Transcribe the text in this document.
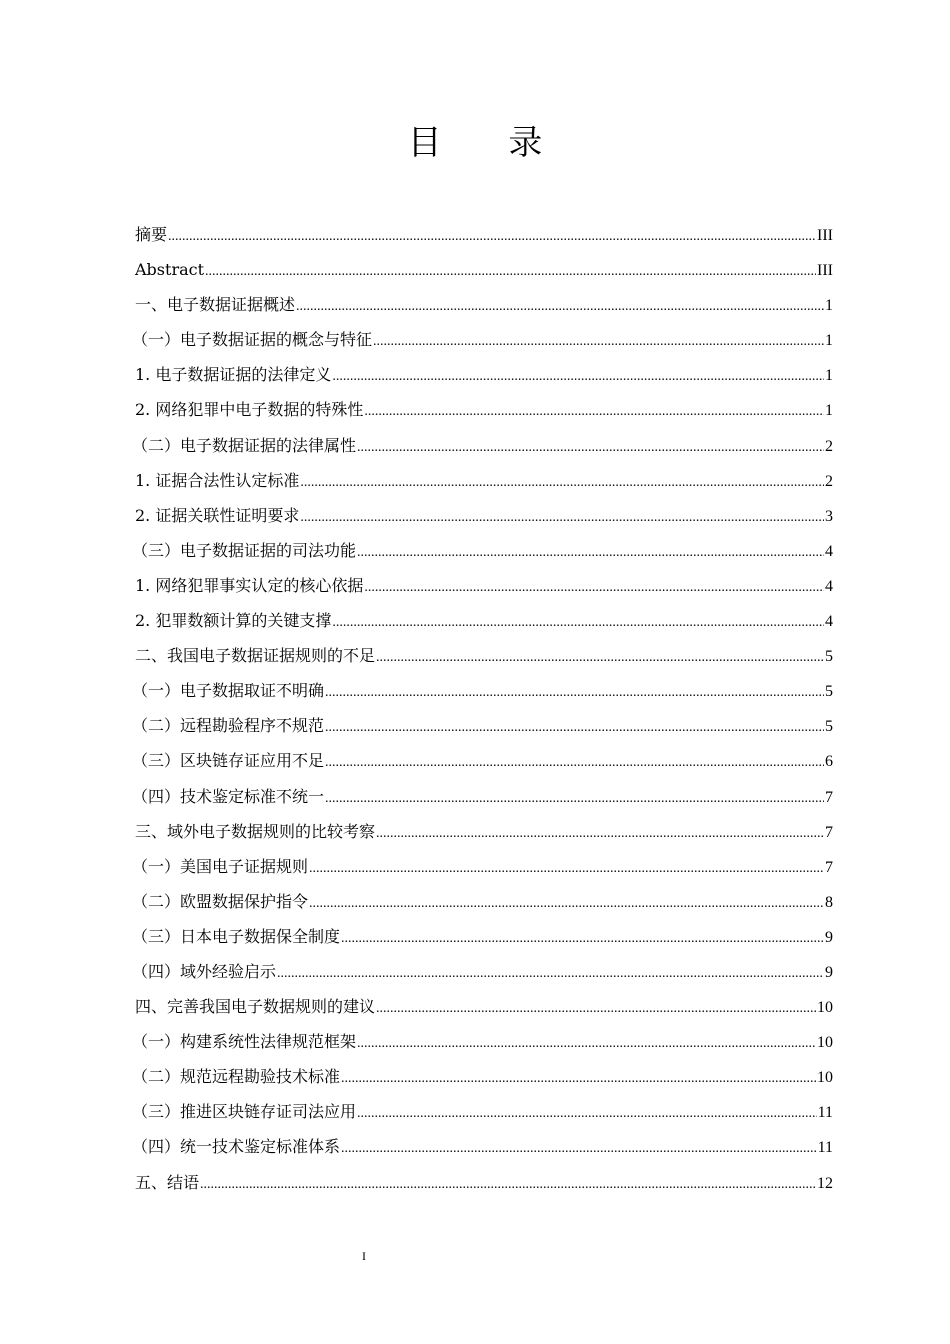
目 录
摘要 .....	III
Abstract .....	III
一、电子数据证据概述 .....	1
（一）电子数据证据的概念与特征 .....	1
1. 电子数据证据的法律定义 .....	1
2. 网络犯罪中电子数据的特殊性 .....	1
（二）电子数据证据的法律属性 .....	2
1. 证据合法性认定标准 .....	2
2. 证据关联性证明要求 .....	3
（三）电子数据证据的司法功能 .....	4
1. 网络犯罪事实认定的核心依据 .....	4
2. 犯罪数额计算的关键支撑 .....	4
二、我国电子数据证据规则的不足 .....	5
（一）电子数据取证不明确 .....	5
（二）远程勘验程序不规范 .....	5
（三）区块链存证应用不足 .....	6
（四）技术鉴定标准不统一 .....	7
三、域外电子数据规则的比较考察 .....	7
（一）美国电子证据规则 .....	7
（二）欧盟数据保护指令 .....	8
（三）日本电子数据保全制度 .....	9
（四）域外经验启示 .....	9
四、完善我国电子数据规则的建议 .....	10
（一）构建系统性法律规范框架 .....	10
（二）规范远程勘验技术标准 .....	10
（三）推进区块链存证司法应用 .....	11
（四）统一技术鉴定标准体系 .....	11
五、结语 .....	12
I
